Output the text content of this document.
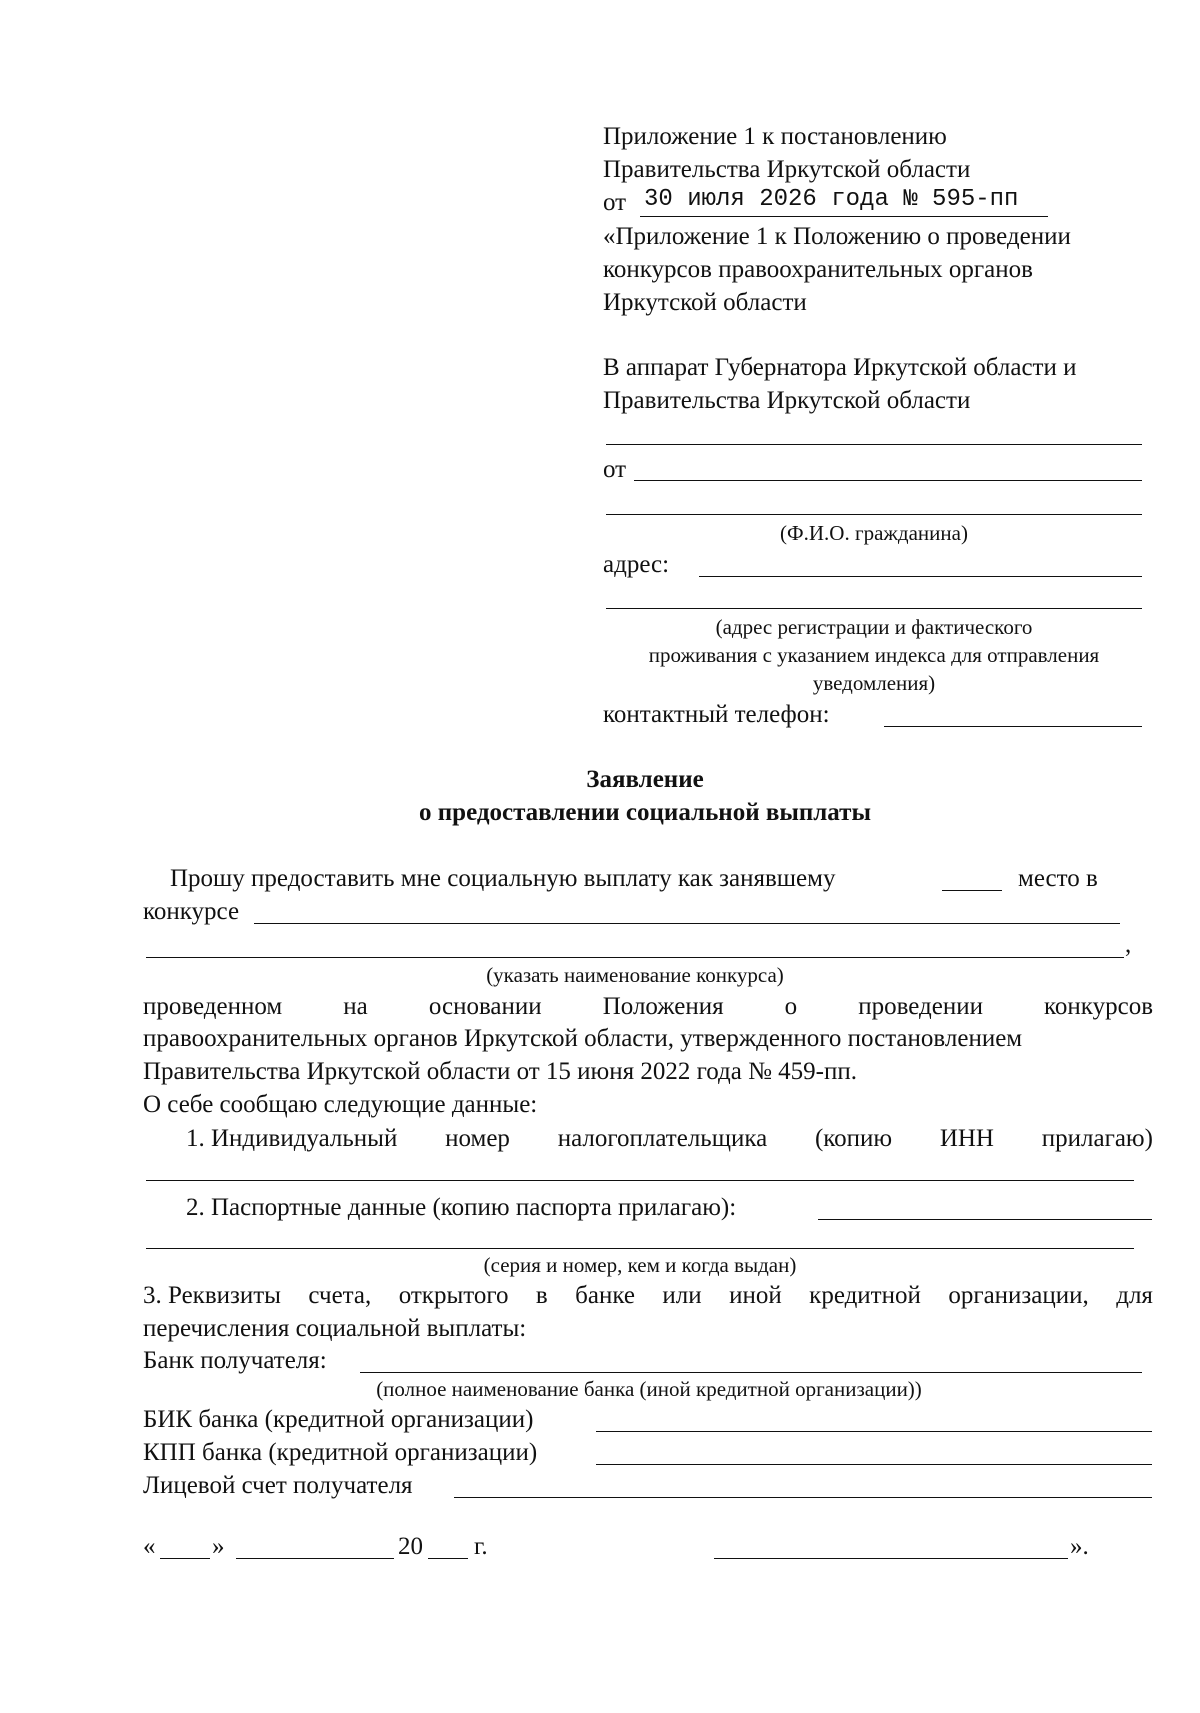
Приложение 1 к постановлению
Правительства Иркутской области
от 30 июля 2026 года № 595-пп
«Приложение 1 к Положению о проведении
конкурсов правоохранительных органов
Иркутской области
В аппарат Губернатора Иркутской области и
Правительства Иркутской области
от
(Ф.И.О. гражданина)
адрес:
(адрес регистрации и фактического
проживания с указанием индекса для отправления
уведомления)
контактный телефон:
Заявление
о предоставлении социальной выплаты
Прошу предоставить мне социальную выплату как занявшему	место в
конкурсе
,
(указать наименование конкурса)
проведенном на основании Положения о проведении конкурсов
правоохранительных органов Иркутской области, утвержденного постановлением
Правительства Иркутской области от 15 июня 2022 года № 459-пп.
О себе сообщаю следующие данные:
1. Индивидуальный номер налогоплательщика (копию ИНН прилагаю)
2. Паспортные данные (копию паспорта прилагаю):
(серия и номер, кем и когда выдан)
3. Реквизиты счета, открытого в банке или иной кредитной организации, для
перечисления социальной выплаты:
Банк получателя:
(полное наименование банка (иной кредитной организации))
БИК банка (кредитной организации)
КПП банка (кредитной организации)
Лицевой счет получателя
« »	20 г.	».
